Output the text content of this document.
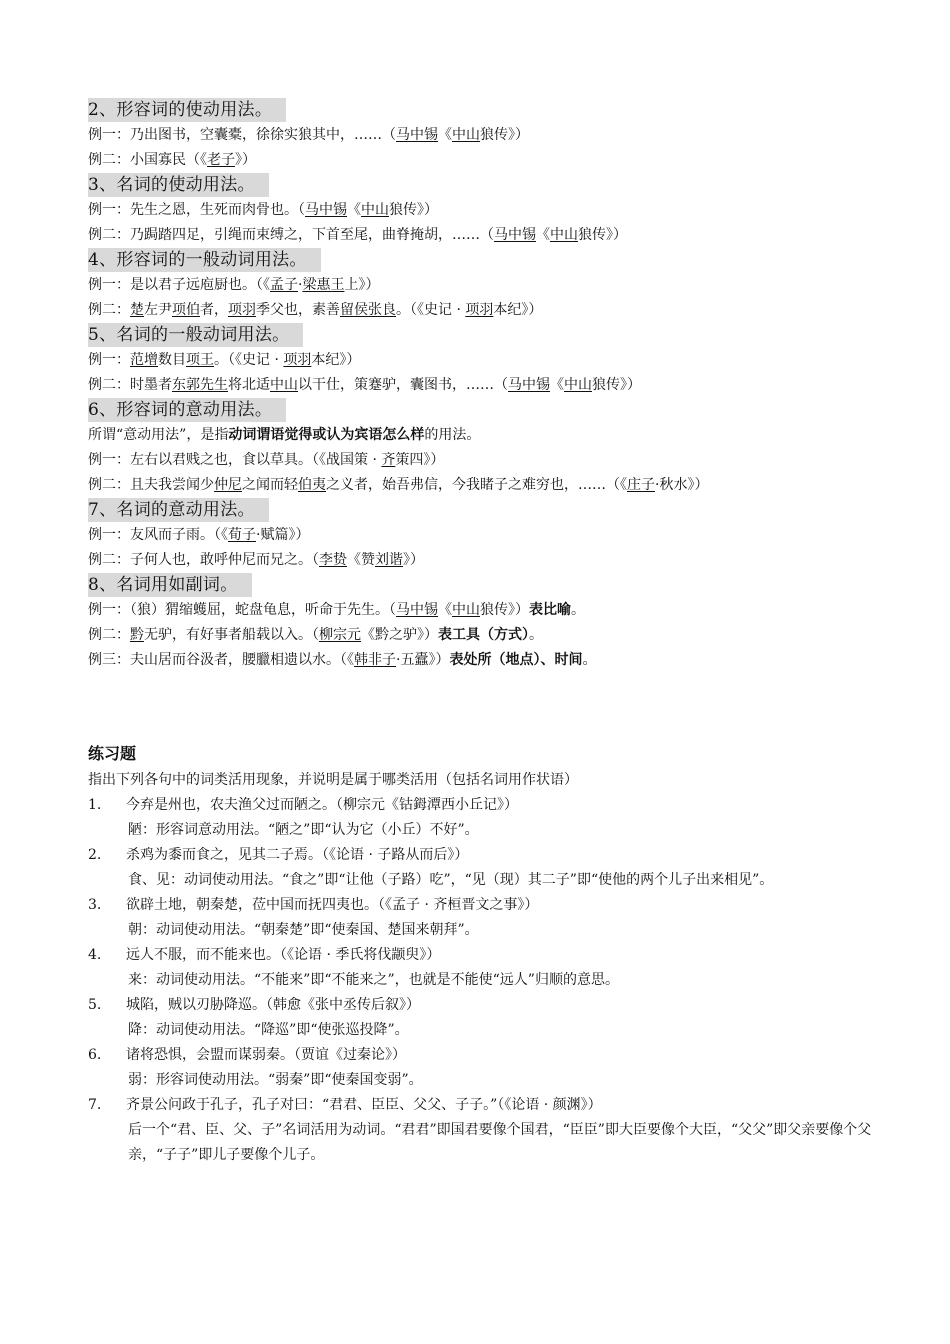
2、形容词的使动用法。

例一：乃出图书，空囊橐，徐徐实狼其中，……（马中锡《中山狼传》）
例二：小国寡民（《老子》）
3、名词的使动用法。

例一：先生之恩，生死而肉骨也。（马中锡《中山狼传》）
例二：乃跼踏四足，引绳而束缚之，下首至尾，曲脊掩胡，……（马中锡《中山狼传》）
4、形容词的一般动词用法。

例一：是以君子远庖厨也。（《孟子·梁惠王上》）
例二：楚左尹项伯者，项羽季父也，素善留侯张良。（《史记 · 项羽本纪》）
5、名词的一般动词用法。

例一：范增数目项王。（《史记 · 项羽本纪》）
例二：时墨者东郭先生将北适中山以干仕，策蹇驴，囊图书，……（马中锡《中山狼传》）
6、形容词的意动用法。

所谓“意动用法”，是指动词谓语觉得或认为宾语怎么样的用法。
例一：左右以君贱之也，食以草具。（《战国策 · 齐策四》）
例二：且夫我尝闻少仲尼之闻而轻伯夷之义者，始吾弗信，今我睹子之难穷也，……（《庄子·秋水》）
7、名词的意动用法。

例一：友风而子雨。（《荀子·赋篇》）
例二：子何人也，敢呼仲尼而兄之。（李贽《赞刘谐》）
8、名词用如副词。

例一：（狼）猬缩蠖屈，蛇盘龟息，听命于先生。（马中锡《中山狼传》）表比喻。
例二：黔无驴，有好事者船载以入。（柳宗元《黔之驴》）表工具（方式）。
例三：夫山居而谷汲者，腰臘相遗以水。（《韩非子·五蠹》）表处所（地点）、时间。
练习题
指出下列各句中的词类活用现象，并说明是属于哪类活用（包括名词用作状语）
1. 今弃是州也，农夫渔父过而陋之。（柳宗元《钴鉧潭西小丘记》）
陋：形容词意动用法。“陋之”即“认为它（小丘）不好”。
2. 杀鸡为黍而食之，见其二子焉。（《论语 · 子路从而后》）
食、见：动词使动用法。“食之”即“让他（子路）吃”，“见（现）其二子”即“使他的两个儿子出来相见”。
3. 欲辟土地，朝秦楚，莅中国而抚四夷也。（《孟子 · 齐桓晋文之事》）
朝：动词使动用法。“朝秦楚”即“使秦国、楚国来朝拜”。
4. 远人不服，而不能来也。（《论语 · 季氏将伐颛臾》）
来：动词使动用法。“不能来”即“不能来之”，也就是不能使“远人”归顺的意思。
5. 城陷，贼以刃胁降巡。（韩愈《张中丞传后叙》）
降：动词使动用法。“降巡”即“使张巡投降”。
6. 诸将恐惧，会盟而谋弱秦。（贾谊《过秦论》）
弱：形容词使动用法。“弱秦”即“使秦国变弱”。
7. 齐景公问政于孔子，孔子对曰：“君君、臣臣、父父、子子。”（《论语 · 颜渊》）
后一个“君、臣、父、子”名词活用为动词。“君君”即国君要像个国君，“臣臣”即大臣要像个大臣，“父父”即父亲要像个父亲，“子子”即儿子要像个儿子。
